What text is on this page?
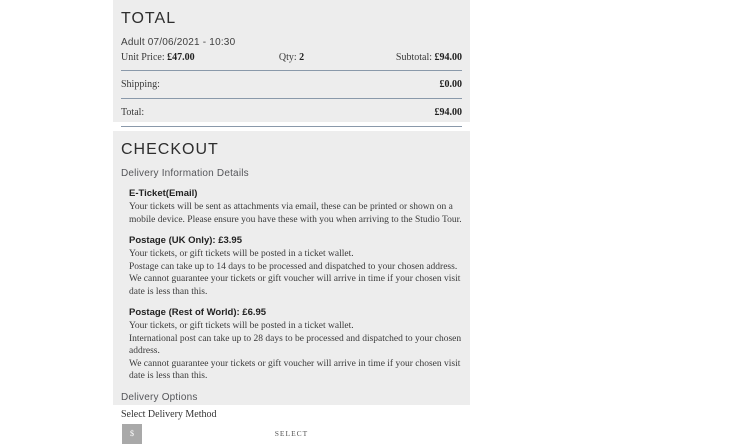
TOTAL
Adult 07/06/2021 - 10:30
Unit Price: £47.00	Qty: 2	Subtotal: £94.00
Shipping:	£0.00
Total:	£94.00
CHECKOUT
Delivery Information Details
E-Ticket(Email)
Your tickets will be sent as attachments via email, these can be printed or shown on a mobile device. Please ensure you have these with you when arriving to the Studio Tour.
Postage (UK Only): £3.95
Your tickets, or gift tickets will be posted in a ticket wallet.
Postage can take up to 14 days to be processed and dispatched to your chosen address.
We cannot guarantee your tickets or gift voucher will arrive in time if your chosen visit date is less than this.
Postage (Rest of World): £6.95
Your tickets, or gift tickets will be posted in a ticket wallet.
International post can take up to 28 days to be processed and dispatched to your chosen address.
We cannot guarantee your tickets or gift voucher will arrive in time if your chosen visit date is less than this.
Delivery Options
Select Delivery Method
$	SELECT
